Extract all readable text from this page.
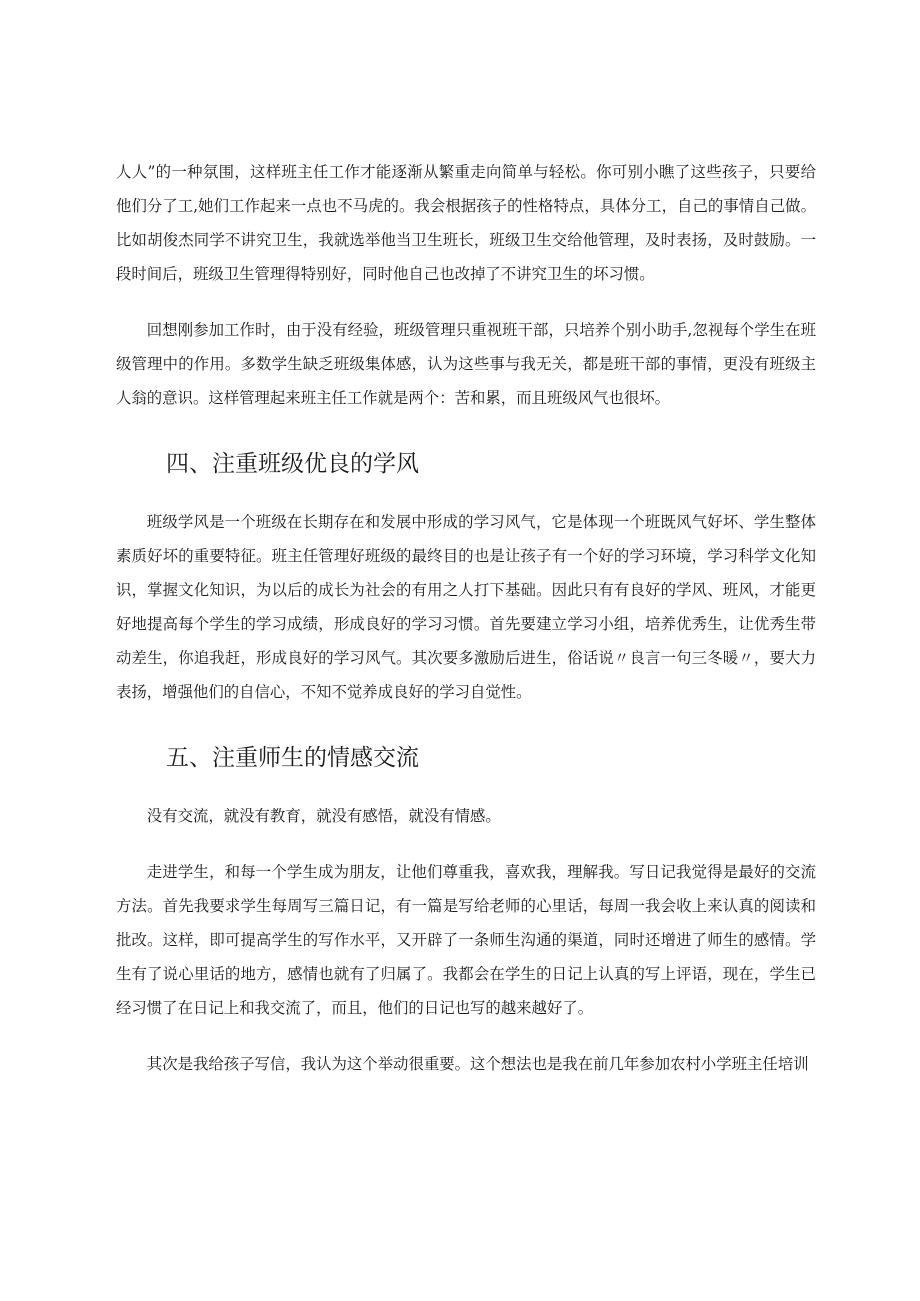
人人”的一种氛围，这样班主任工作才能逐渐从繁重走向简单与轻松。你可别小瞧了这些孩子，只要给他们分了工,她们工作起来一点也不马虎的。我会根据孩子的性格特点，具体分工，自己的事情自己做。比如胡俊杰同学不讲究卫生，我就选举他当卫生班长，班级卫生交给他管理，及时表扬，及时鼓励。一段时间后，班级卫生管理得特别好，同时他自己也改掉了不讲究卫生的坏习惯。

回想刚参加工作时，由于没有经验，班级管理只重视班干部，只培养个别小助手,忽视每个学生在班级管理中的作用。多数学生缺乏班级集体感，认为这些事与我无关，都是班干部的事情，更没有班级主人翁的意识。这样管理起来班主任工作就是两个：苦和累，而且班级风气也很坏。

四、注重班级优良的学风

班级学风是一个班级在长期存在和发展中形成的学习风气，它是体现一个班既风气好坏、学生整体素质好坏的重要特征。班主任管理好班级的最终目的也是让孩子有一个好的学习环境，学习科学文化知识，掌握文化知识，为以后的成长为社会的有用之人打下基础。因此只有有良好的学风、班风，才能更好地提高每个学生的学习成绩，形成良好的学习习惯。首先要建立学习小组，培养优秀生，让优秀生带动差生，你追我赶，形成良好的学习风气。其次要多激励后进生，俗话说〃良言一句三冬暖〃，要大力表扬，增强他们的自信心，不知不觉养成良好的学习自觉性。

五、注重师生的情感交流

没有交流，就没有教育，就没有感悟，就没有情感。

走进学生，和每一个学生成为朋友，让他们尊重我，喜欢我，理解我。写日记我觉得是最好的交流方法。首先我要求学生每周写三篇日记，有一篇是写给老师的心里话，每周一我会收上来认真的阅读和批改。这样，即可提高学生的写作水平，又开辟了一条师生沟通的渠道，同时还增进了师生的感情。学生有了说心里话的地方，感情也就有了归属了。我都会在学生的日记上认真的写上评语，现在，学生已经习惯了在日记上和我交流了，而且，他们的日记也写的越来越好了。

其次是我给孩子写信，我认为这个举动很重要。这个想法也是我在前几年参加农村小学班主任培训
